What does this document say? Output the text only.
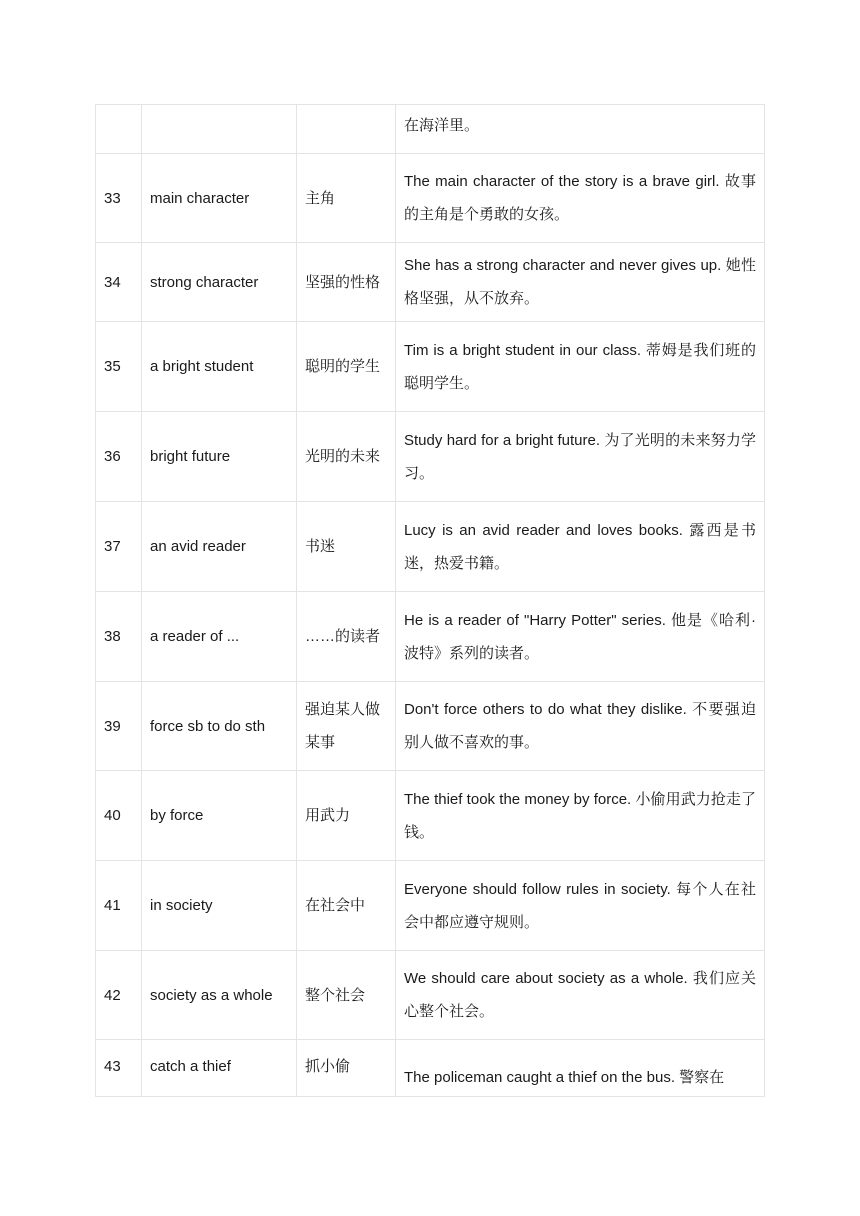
			在海洋里。
33	main character	主角	The main character of the story is a brave girl. 故事的主角是个勇敢的女孩。
34	strong character	坚强的性格	She has a strong character and never gives up. 她性格坚强，从不放弃。
35	a bright student	聪明的学生	Tim is a bright student in our class. 蒂姆是我们班的聪明学生。
36	bright future	光明的未来	Study hard for a bright future. 为了光明的未来努力学习。
37	an avid reader	书迷	Lucy is an avid reader and loves books. 露西是书迷，热爱书籍。
38	a reader of ...	……的读者	He is a reader of "Harry Potter" series. 他是《哈利·波特》系列的读者。
39	force sb to do sth	强迫某人做某事	Don't force others to do what they dislike. 不要强迫别人做不喜欢的事。
40	by force	用武力	The thief took the money by force. 小偷用武力抢走了钱。
41	in society	在社会中	Everyone should follow rules in society. 每个人在社会中都应遵守规则。
42	society as a whole	整个社会	We should care about society as a whole. 我们应关心整个社会。
43	catch a thief	抓小偷	The policeman caught a thief on the bus. 警察在
